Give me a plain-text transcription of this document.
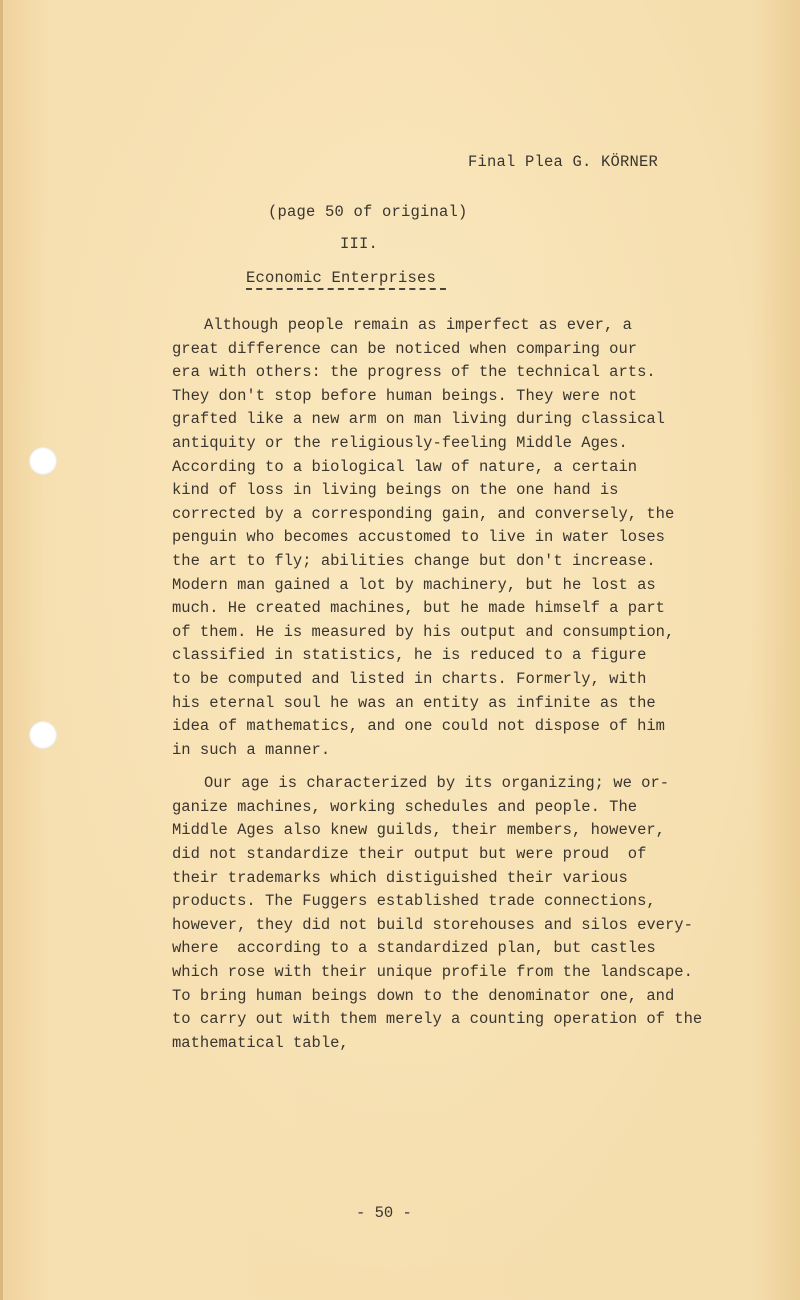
Final Plea G. KÖRNER
(page 50 of original)
III.
Economic Enterprises
Although people remain as imperfect as ever, a
great difference can be noticed when comparing our
era with others: the progress of the technical arts.
They don't stop before human beings. They were not
grafted like a new arm on man living during classical
antiquity or the religiously-feeling Middle Ages.
According to a biological law of nature, a certain
kind of loss in living beings on the one hand is
corrected by a corresponding gain, and conversely, the
penguin who becomes accustomed to live in water loses
the art to fly; abilities change but don't increase.
Modern man gained a lot by machinery, but he lost as
much. He created machines, but he made himself a part
of them. He is measured by his output and consumption,
classified in statistics, he is reduced to a figure
to be computed and listed in charts. Formerly, with
his eternal soul he was an entity as infinite as the
idea of mathematics, and one could not dispose of him
in such a manner.
Our age is characterized by its organizing; we or-
ganize machines, working schedules and people. The
Middle Ages also knew guilds, their members, however,
did not standardize their output but were proud  of
their trademarks which distiguished their various
products. The Fuggers established trade connections,
however, they did not build storehouses and silos every-
where  according to a standardized plan, but castles
which rose with their unique profile from the landscape.
To bring human beings down to the denominator one, and
to carry out with them merely a counting operation of the
mathematical table,
- 50 -
